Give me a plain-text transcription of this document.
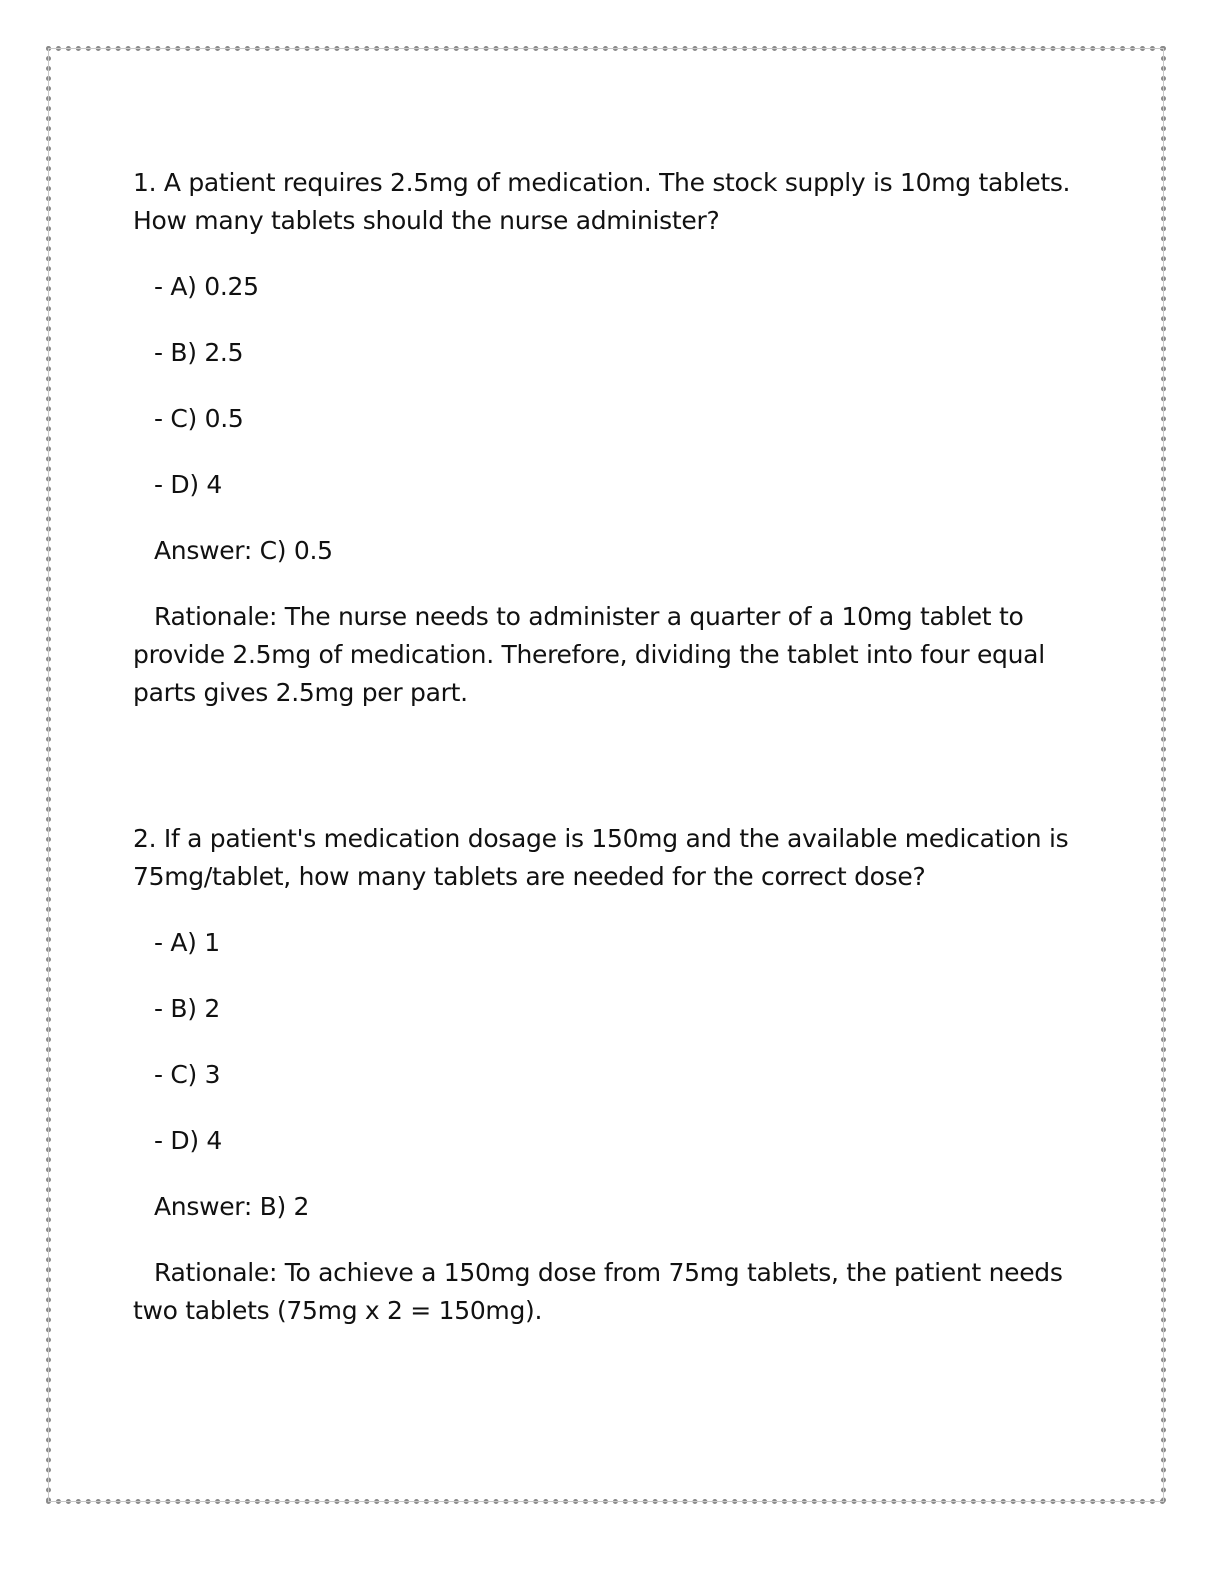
1. A patient requires 2.5mg of medication. The stock supply is 10mg tablets. How many tablets should the nurse administer?

- A) 0.25

- B) 2.5

- C) 0.5

- D) 4

Answer: C) 0.5

Rationale: The nurse needs to administer a quarter of a 10mg tablet to provide 2.5mg of medication. Therefore, dividing the tablet into four equal parts gives 2.5mg per part.

2. If a patient's medication dosage is 150mg and the available medication is 75mg/tablet, how many tablets are needed for the correct dose?

- A) 1

- B) 2

- C) 3

- D) 4

Answer: B) 2

Rationale: To achieve a 150mg dose from 75mg tablets, the patient needs two tablets (75mg x 2 = 150mg).
